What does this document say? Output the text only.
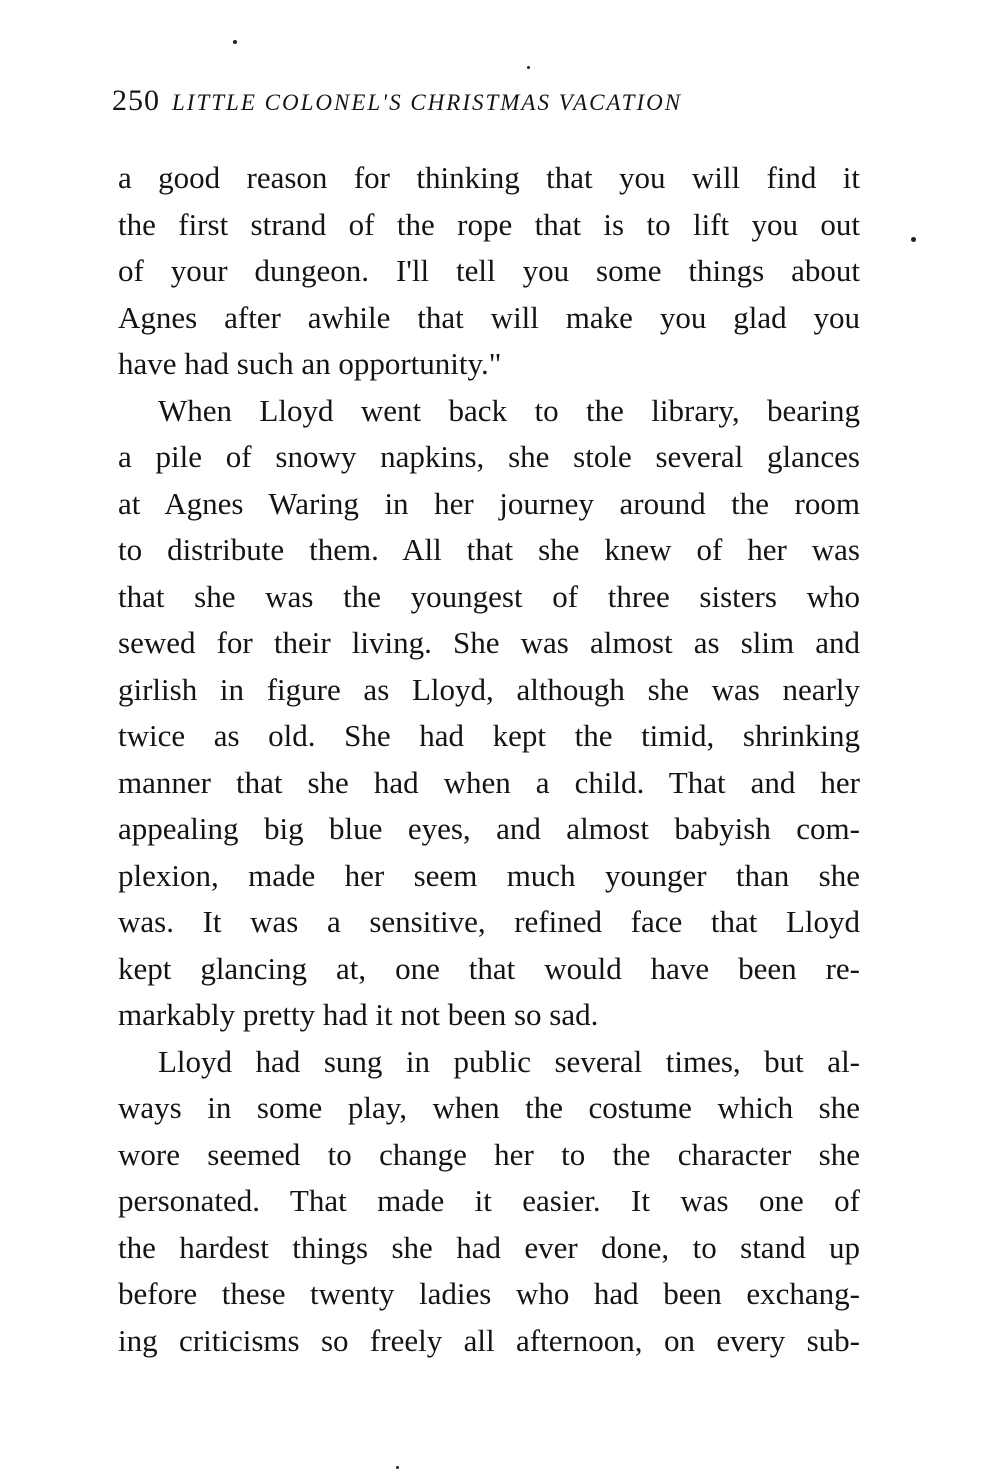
250 LITTLE COLONEL'S CHRISTMAS VACATION
a good reason for thinking that you will find it
the first strand of the rope that is to lift you out
of your dungeon. I'll tell you some things about
Agnes after awhile that will make you glad you
have had such an opportunity."
When Lloyd went back to the library, bearing
a pile of snowy napkins, she stole several glances
at Agnes Waring in her journey around the room
to distribute them. All that she knew of her was
that she was the youngest of three sisters who
sewed for their living. She was almost as slim and
girlish in figure as Lloyd, although she was nearly
twice as old. She had kept the timid, shrinking
manner that she had when a child. That and her
appealing big blue eyes, and almost babyish com-
plexion, made her seem much younger than she
was. It was a sensitive, refined face that Lloyd
kept glancing at, one that would have been re-
markably pretty had it not been so sad.
Lloyd had sung in public several times, but al-
ways in some play, when the costume which she
wore seemed to change her to the character she
personated. That made it easier. It was one of
the hardest things she had ever done, to stand up
before these twenty ladies who had been exchang-
ing criticisms so freely all afternoon, on every sub-
